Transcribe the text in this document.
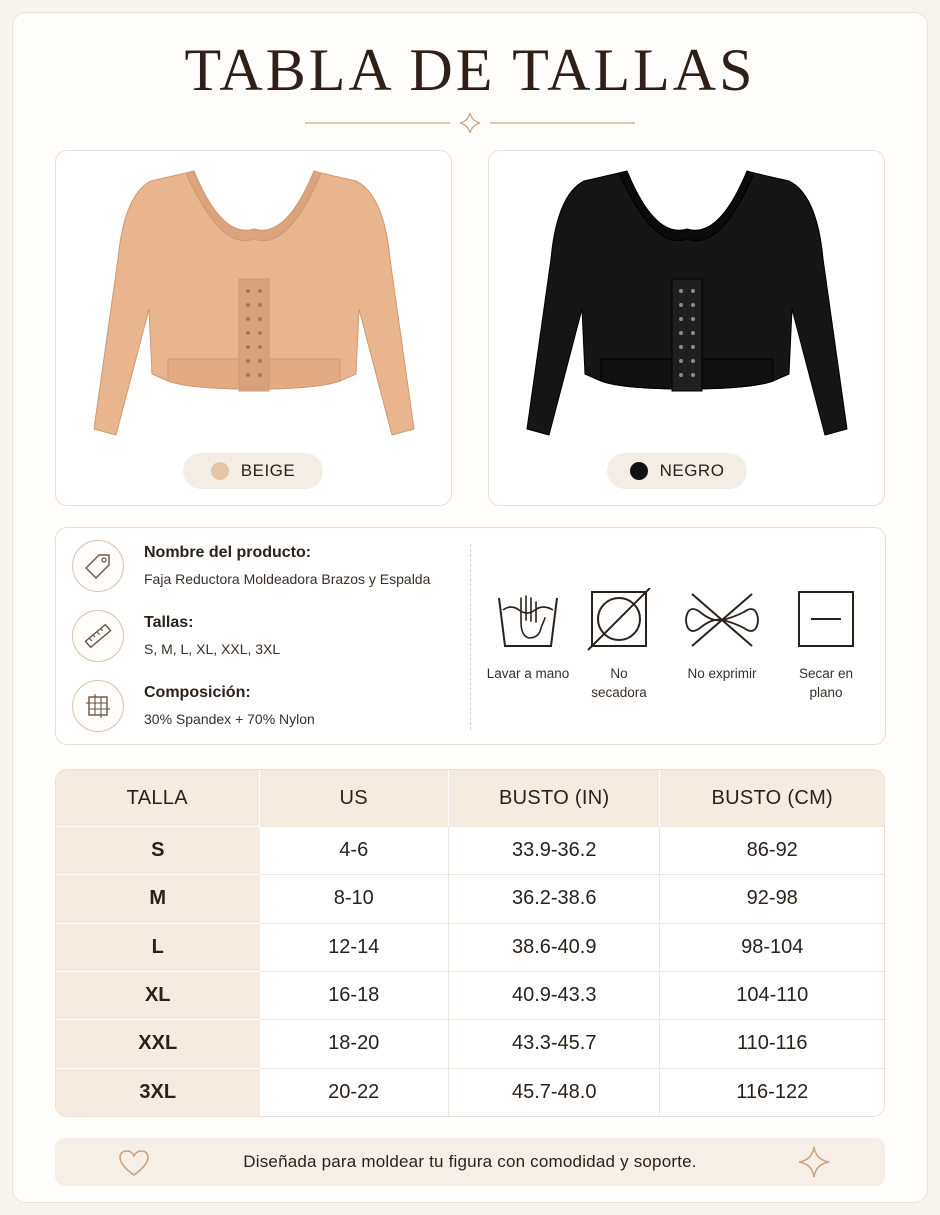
TABLA DE TALLAS
BEIGE	NEGRO
Nombre del producto:
Faja Reductora Moldeadora Brazos y Espalda
Tallas:
S, M, L, XL, XXL, 3XL
Composición:
30% Spandex + 70% Nylon
Lavar a mano	No
secadora
No exprimir	Secar en
plano
TALLA	US	BUSTO (IN)	BUSTO (CM)
S	4-6	33.9-36.2	86-92
M	8-10	36.2-38.6	92-98
L	12-14	38.6-40.9	98-104
XL	16-18	40.9-43.3	104-110
XXL	18-20	43.3-45.7	110-116
3XL	20-22	45.7-48.0	116-122
Diseñada para moldear tu figura con comodidad y soporte.
